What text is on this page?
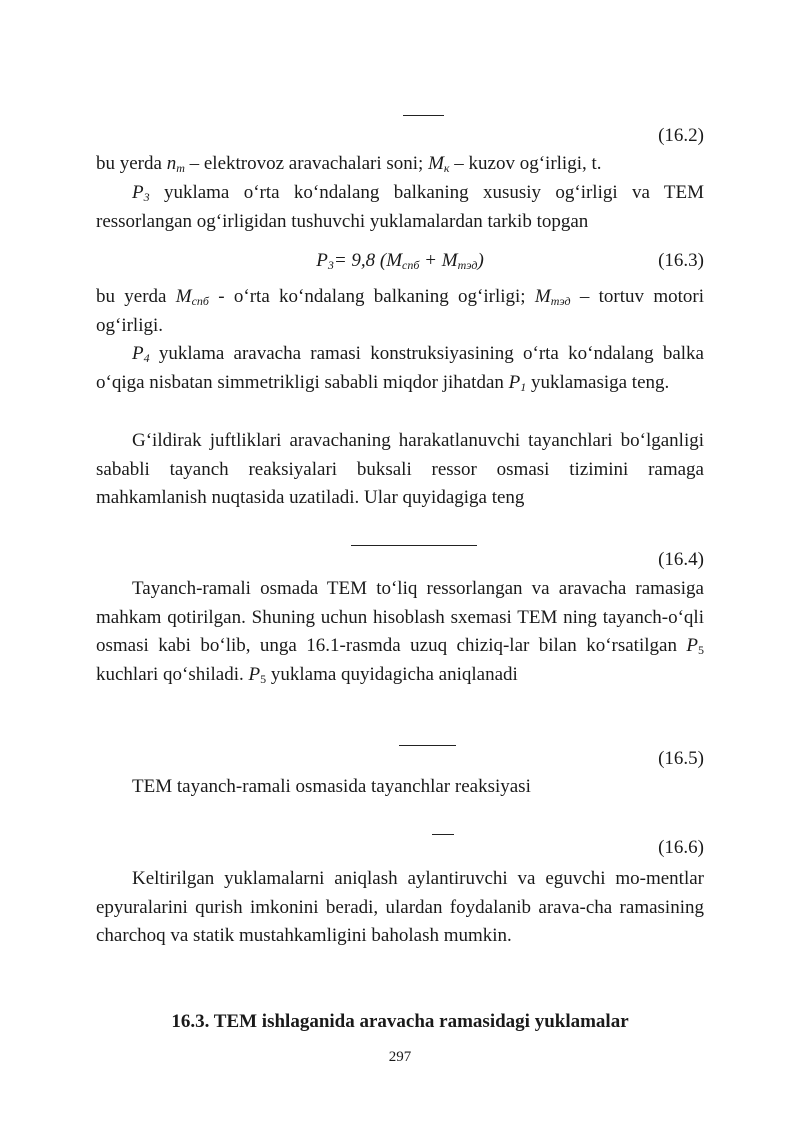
(16.2)

bu yerda $n_m$ – elektrovoz aravachalari soni; $M_к$ – kuzov og‘irligi, t.

$P_3$ yuklama o‘rta ko‘ndalang balkaning xususiy og‘irligi va TEM ressorlangan og‘irligidan tushuvchi yuklamalardan tarkib topgan

$P_3= 9,8$ $(M_{спб} + M_{тэд})$	(16.3)

bu yerda $M_{спб}$ - o‘rta ko‘ndalang balkaning og‘irligi; $M_{тэд}$ – tortuv motori og‘irligi.

$P_4$ yuklama aravacha ramasi konstruksiyasining o‘rta ko‘ndalang balka o‘qiga nisbatan simmetrikligi sababli miqdor jihatdan $P_1$ yuklamasiga teng.

G‘ildirak juftliklari aravachaning harakatlanuvchi tayanchlari bo‘lganligi sababli tayanch reaksiyalari buksali ressor osmasi tizimini ramaga mahkamlanish nuqtasida uzatiladi. Ular quyidagiga teng

(16.4)

Tayanch-ramali osmada TEM to‘liq ressorlangan va aravacha ramasiga mahkam qotirilgan. Shuning uchun hisoblash sxemasi TEM ning tayanch-o‘qli osmasi kabi bo‘lib, unga 16.1-rasmda uzuq chiziq-lar bilan ko‘rsatilgan $P_5$ kuchlari qo‘shiladi. $P_5$ yuklama quyidagicha aniqlanadi

(16.5)

TEM tayanch-ramali osmasida tayanchlar reaksiyasi

(16.6)

Keltirilgan yuklamalarni aniqlash aylantiruvchi va eguvchi mo-mentlar epyuralarini qurish imkonini beradi, ulardan foydalanib arava-cha ramasining charchoq va statik mustahkamligini baholash mumkin.

16.3. TEM ishlaganida aravacha ramasidagi yuklamalar
297
